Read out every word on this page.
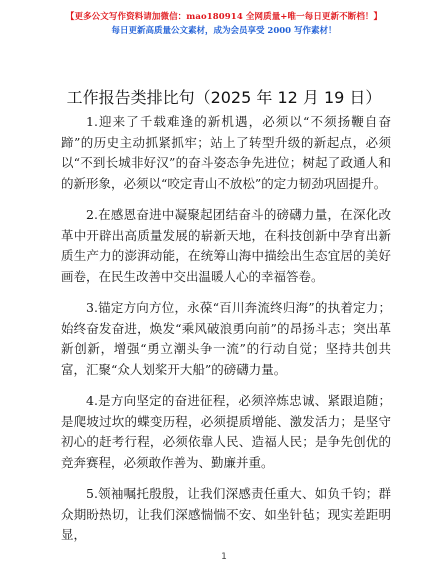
【更多公文写作资料请加微信：mao180914 全网质量+唯一每日更新不断档！】
每日更新高质量公文素材，成为会员享受 2000 写作素材！
工作报告类排比句（2025 年 12 月 19 日）

1.迎来了千载难逢的新机遇，必须以“不须扬鞭自奋蹄”的历史主动抓紧抓牢；站上了转型升级的新起点，必须以“不到长城非好汉”的奋斗姿态争先进位；树起了政通人和的新形象，必须以“咬定青山不放松”的定力韧劲巩固提升。

2.在感恩奋进中凝聚起团结奋斗的磅礴力量，在深化改革中开辟出高质量发展的崭新天地，在科技创新中孕育出新质生产力的澎湃动能，在统筹山海中描绘出生态宜居的美好画卷，在民生改善中交出温暖人心的幸福答卷。

3.锚定方向方位，永葆“百川奔流终归海”的执着定力；始终奋发奋进，焕发“乘风破浪勇向前”的昂扬斗志；突出革新创新，增强“勇立潮头争一流”的行动自觉；坚持共创共富，汇聚“众人划桨开大船”的磅礴力量。

4.是方向坚定的奋进征程，必须淬炼忠诚、紧跟追随；是爬坡过坎的蝶变历程，必须提质增能、激发活力；是坚守初心的赶考行程，必须依靠人民、造福人民；是争先创优的竞奔赛程，必须敢作善为、勤廉并重。

5.领袖嘱托殷殷，让我们深感责任重大、如负千钧；群众期盼热切，让我们深感惴惴不安、如坐针毡；现实差距明显，

1
